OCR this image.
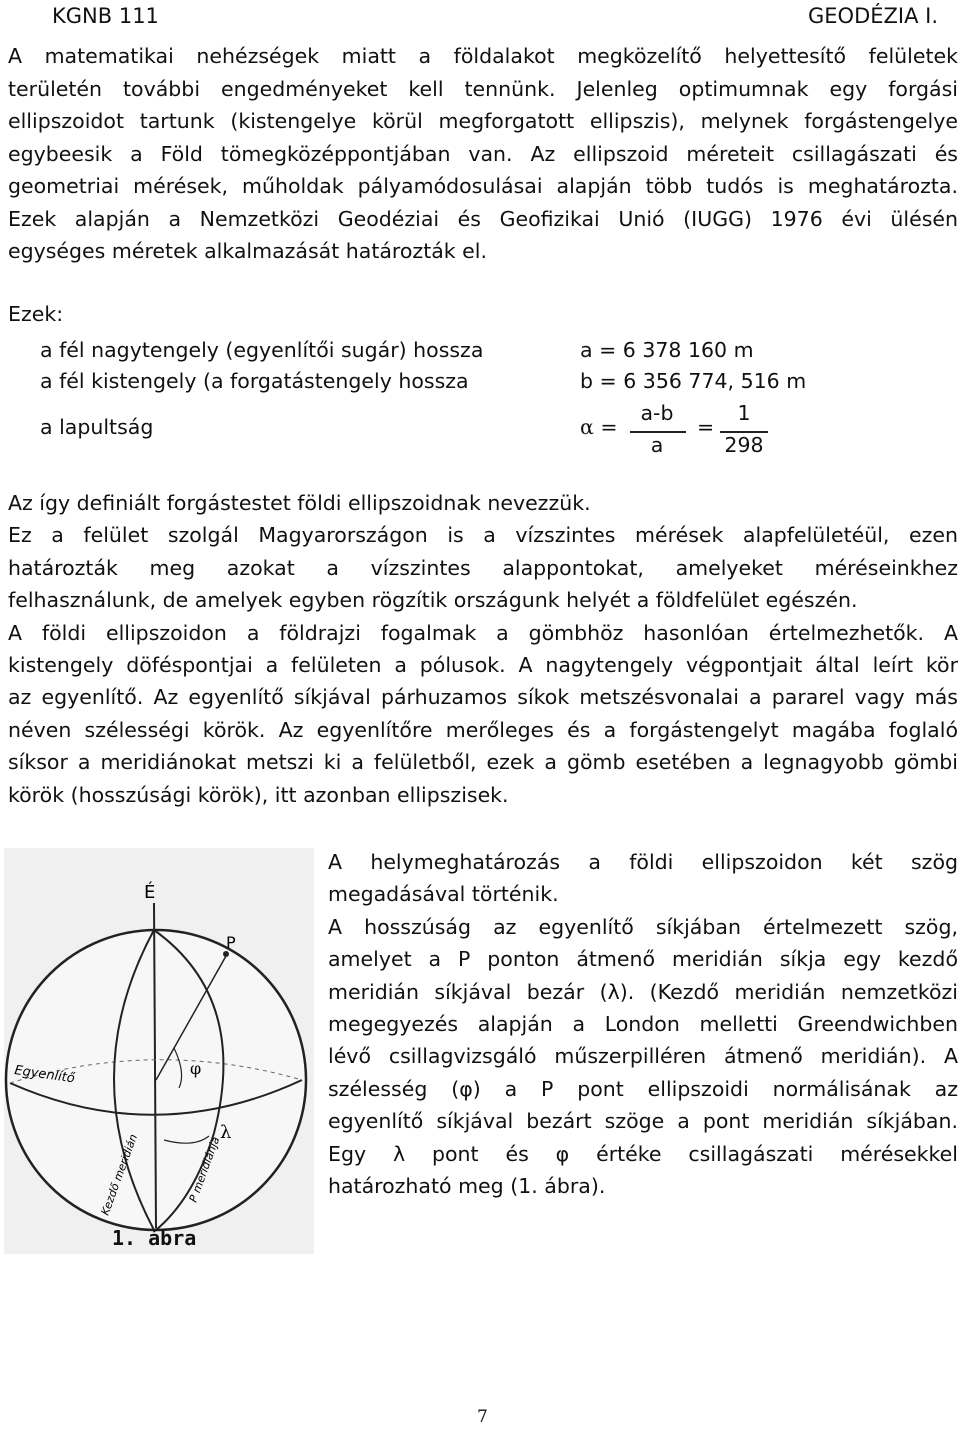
KGNB 111	GEODÉZIA I.
A matematikai nehézségek miatt a földalakot megközelítő helyettesítő felületek
területén további engedményeket kell tennünk. Jelenleg optimumnak egy forgási
ellipszoidot tartunk (kistengelye körül megforgatott ellipszis), melynek forgástengelye
egybeesik a Föld tömegközéppontjában van. Az ellipszoid méreteit csillagászati és
geometriai mérések, műholdak pályamódosulásai alapján több tudós is meghatározta.
Ezek alapján a Nemzetközi Geodéziai és Geofizikai Unió (IUGG) 1976 évi ülésén
egységes méretek alkalmazását határozták el.
Ezek:
a fél nagytengely (egyenlítői sugár) hossza	a = 6 378 160 m
a fél kistengely (a forgatástengely hossza	b = 6 356 774, 516 m
a lapultság	α =
a-b
a
=
1
298
Az így definiált forgástestet földi ellipszoidnak nevezzük.
Ez a felület szolgál Magyarországon is a vízszintes mérések alapfelületéül, ezen
határozták meg azokat a vízszintes alappontokat, amelyeket méréseinkhez
felhasználunk, de amelyek egyben rögzítik országunk helyét a földfelület egészén.
A földi ellipszoidon a földrajzi fogalmak a gömbhöz hasonlóan értelmezhetők. A
kistengely döféspontjai a felületen a pólusok. A nagytengely végpontjait által leírt kör
az egyenlítő. Az egyenlítő síkjával párhuzamos síkok metszésvonalai a pararel vagy más
néven szélességi körök. Az egyenlítőre merőleges és a forgástengelyt magába foglaló
síksor a meridiánokat metszi ki a felületből, ezek a gömb esetében a legnagyobb gömbi
körök (hosszúsági körök), itt azonban ellipszisek.
A helymeghatározás a földi ellipszoidon két szög
megadásával történik.
A hosszúság az egyenlítő síkjában értelmezett szög,
amelyet a P ponton átmenő meridián síkja egy kezdő
meridián síkjával bezár (λ). (Kezdő meridián nemzetközi
megegyezés alapján a London melletti Greendwichben
lévő csillagvizsgáló műszerpilléren átmenő meridián). A
szélesség (φ) a P pont ellipszoidi normálisának az
egyenlítő síkjával bezárt szöge a pont meridián síkjában.
Egy λ pont és φ értéke csillagászati mérésekkel
határozható meg (1. ábra).
É
P
φ
λ
Egyenlítő
Kezdő meridián	P meridiánja
1. ábra
7
